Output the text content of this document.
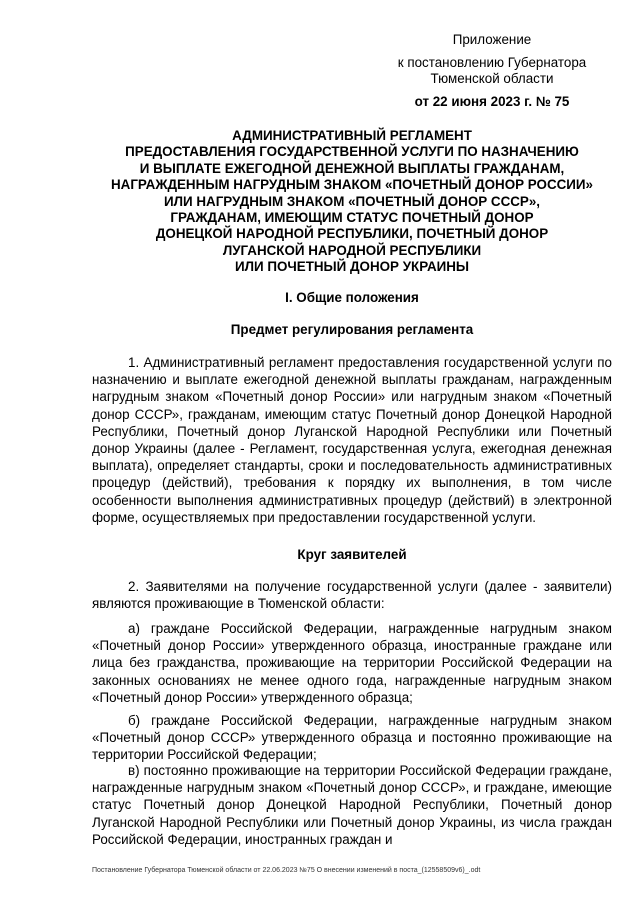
Приложение
к постановлению Губернатора
Тюменской области
от 22 июня 2023 г. № 75
АДМИНИСТРАТИВНЫЙ РЕГЛАМЕНТ
ПРЕДОСТАВЛЕНИЯ ГОСУДАРСТВЕННОЙ УСЛУГИ ПО НАЗНАЧЕНИЮ
И ВЫПЛАТЕ ЕЖЕГОДНОЙ ДЕНЕЖНОЙ ВЫПЛАТЫ ГРАЖДАНАМ,
НАГРАЖДЕННЫМ НАГРУДНЫМ ЗНАКОМ «ПОЧЕТНЫЙ ДОНОР РОССИИ»
ИЛИ НАГРУДНЫМ ЗНАКОМ «ПОЧЕТНЫЙ ДОНОР СССР»,
ГРАЖДАНАМ, ИМЕЮЩИМ СТАТУС ПОЧЕТНЫЙ ДОНОР
ДОНЕЦКОЙ НАРОДНОЙ РЕСПУБЛИКИ, ПОЧЕТНЫЙ ДОНОР
ЛУГАНСКОЙ НАРОДНОЙ РЕСПУБЛИКИ
ИЛИ ПОЧЕТНЫЙ ДОНОР УКРАИНЫ
I. Общие положения
Предмет регулирования регламента

1. Административный регламент предоставления государственной услуги по назначению и выплате ежегодной денежной выплаты гражданам, награжденным нагрудным знаком «Почетный донор России» или нагрудным знаком «Почетный донор СССР», гражданам, имеющим статус Почетный донор Донецкой Народной Республики, Почетный донор Луганской Народной Республики или Почетный донор Украины (далее - Регламент, государственная услуга, ежегодная денежная выплата), определяет стандарты, сроки и последовательность административных процедур (действий), требования к порядку их выполнения, в том числе особенности выполнения административных процедур (действий) в электронной форме, осуществляемых при предоставлении государственной услуги.

Круг заявителей

2. Заявителями на получение государственной услуги (далее - заявители) являются проживающие в Тюменской области:

а) граждане Российской Федерации, награжденные нагрудным знаком «Почетный донор России» утвержденного образца, иностранные граждане или лица без гражданства, проживающие на территории Российской Федерации на законных основаниях не менее одного года, награжденные нагрудным знаком «Почетный донор России» утвержденного образца;

б) граждане Российской Федерации, награжденные нагрудным знаком «Почетный донор СССР» утвержденного образца и постоянно проживающие на территории Российской Федерации;

в) постоянно проживающие на территории Российской Федерации граждане, награжденные нагрудным знаком «Почетный донор СССР», и граждане, имеющие статус Почетный донор Донецкой Народной Республики, Почетный донор Луганской Народной Республики или Почетный донор Украины, из числа граждан Российской Федерации, иностранных граждан и

Постановление Губернатора Тюменской области от 22.06.2023 №75 О внесении изменений в поста_(12558509v6)_.odt
